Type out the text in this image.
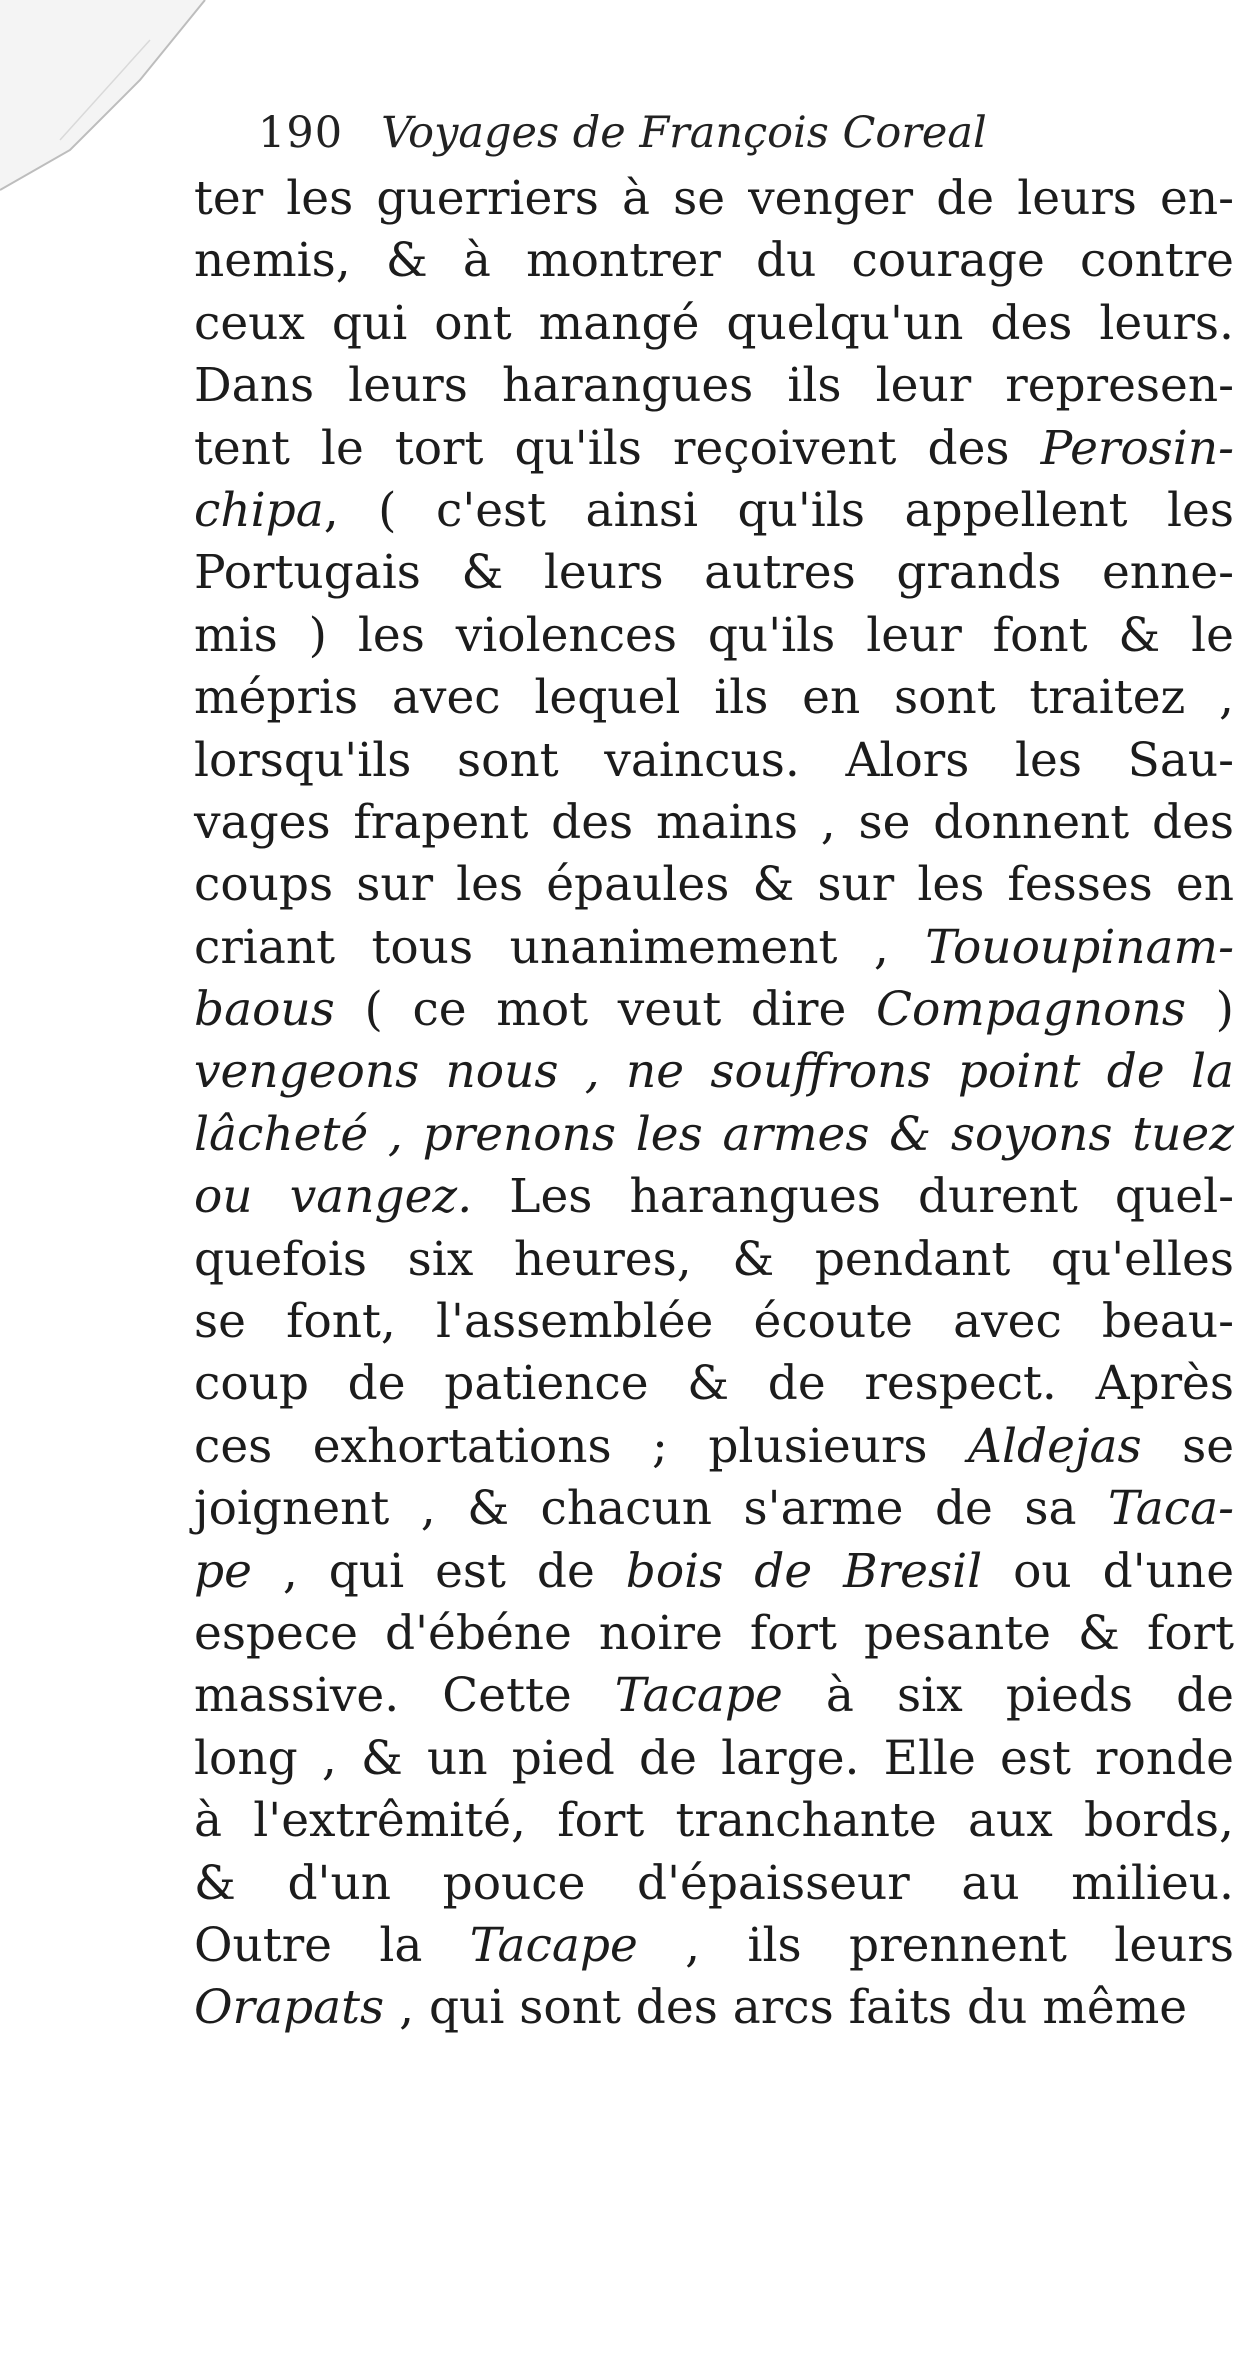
190 Voyages de François Coreal
ter les guerriers à se venger de leurs en-
nemis, & à montrer du courage contre
ceux qui ont mangé quelqu'un des leurs.
Dans leurs harangues ils leur represen-
tent le tort qu'ils reçoivent des Perosin-
chipa, ( c'est ainsi qu'ils appellent les
Portugais & leurs autres grands enne-
mis ) les violences qu'ils leur font & le
mépris avec lequel ils en sont traitez ,
lorsqu'ils sont vaincus. Alors les Sau-
vages frapent des mains , se donnent des
coups sur les épaules & sur les fesses en
criant tous unanimement , Tououpinam-
baous ( ce mot veut dire Compagnons )
vengeons nous , ne souffrons point de la
lâcheté , prenons les armes & soyons tuez
ou vangez. Les harangues durent quel-
quefois six heures, & pendant qu'elles
se font, l'assemblée écoute avec beau-
coup de patience & de respect. Après
ces exhortations ; plusieurs Aldejas se
joignent , & chacun s'arme de sa Taca-
pe , qui est de bois de Bresil ou d'une
espece d'ébéne noire fort pesante & fort
massive. Cette Tacape à six pieds de
long , & un pied de large. Elle est ronde
à l'extrêmité, fort tranchante aux bords,
& d'un pouce d'épaisseur au milieu.
Outre la Tacape , ils prennent leurs
Orapats , qui sont des arcs faits du même
